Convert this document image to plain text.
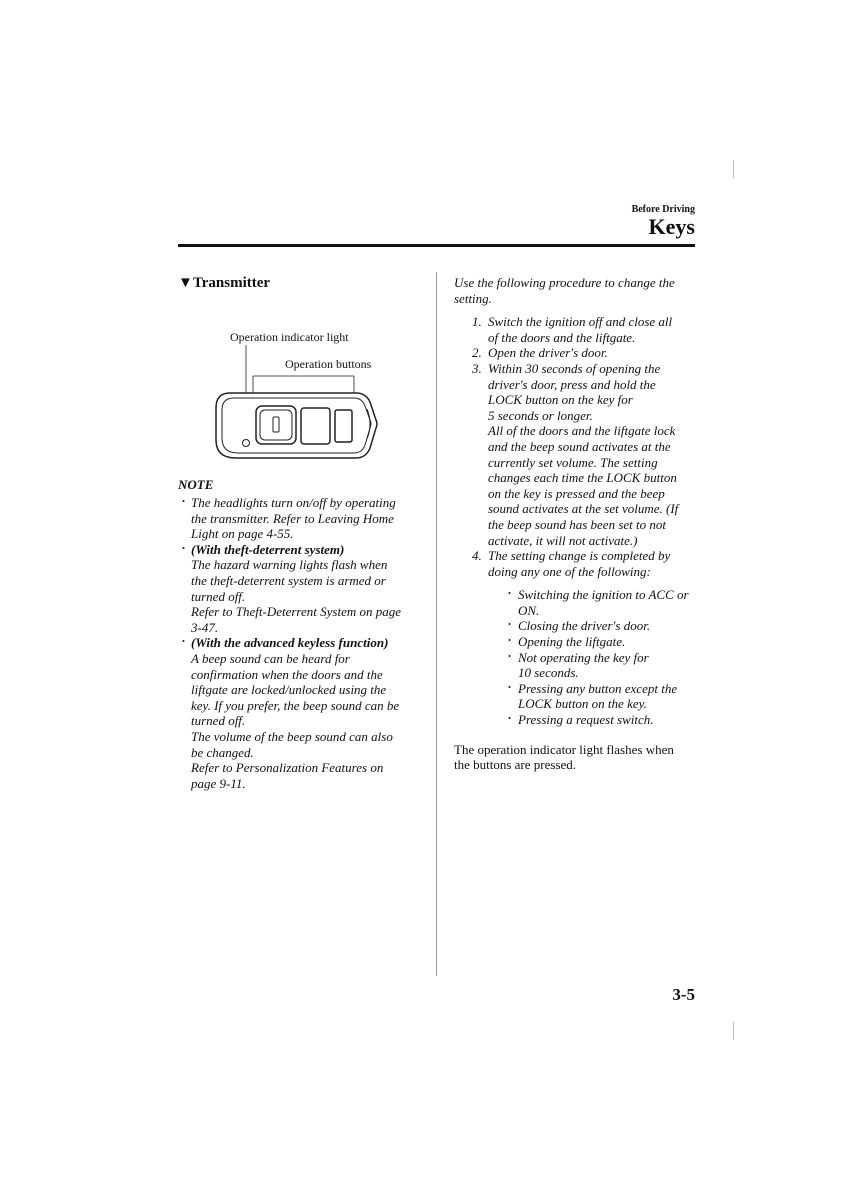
Before Driving
Keys
▼Transmitter
Operation indicator light
Operation buttons
NOTE
・ The headlights turn on/off by operating
the transmitter. Refer to Leaving Home
Light on page 4-55.
・ (With theft-deterrent system)
The hazard warning lights flash when
the theft-deterrent system is armed or
turned off.
Refer to Theft-Deterrent System on page
3-47.
・ (With the advanced keyless function)
A beep sound can be heard for
confirmation when the doors and the
liftgate are locked/unlocked using the
key. If you prefer, the beep sound can be
turned off.
The volume of the beep sound can also
be changed.
Refer to Personalization Features on
page 9-11.

Use the following procedure to change the
setting.

1. Switch the ignition off and close all
of the doors and the liftgate.
2. Open the driver's door.
3. Within 30 seconds of opening the
driver's door, press and hold the
LOCK button on the key for
5 seconds or longer.
All of the doors and the liftgate lock
and the beep sound activates at the
currently set volume. The setting
changes each time the LOCK button
on the key is pressed and the beep
sound activates at the set volume. (If
the beep sound has been set to not
activate, it will not activate.)
4. The setting change is completed by
doing any one of the following:
・ Switching the ignition to ACC or
ON.
・ Closing the driver's door.
・ Opening the liftgate.
・ Not operating the key for
10 seconds.
・ Pressing any button except the
LOCK button on the key.
・ Pressing a request switch.

The operation indicator light flashes when
the buttons are pressed.

3-5
